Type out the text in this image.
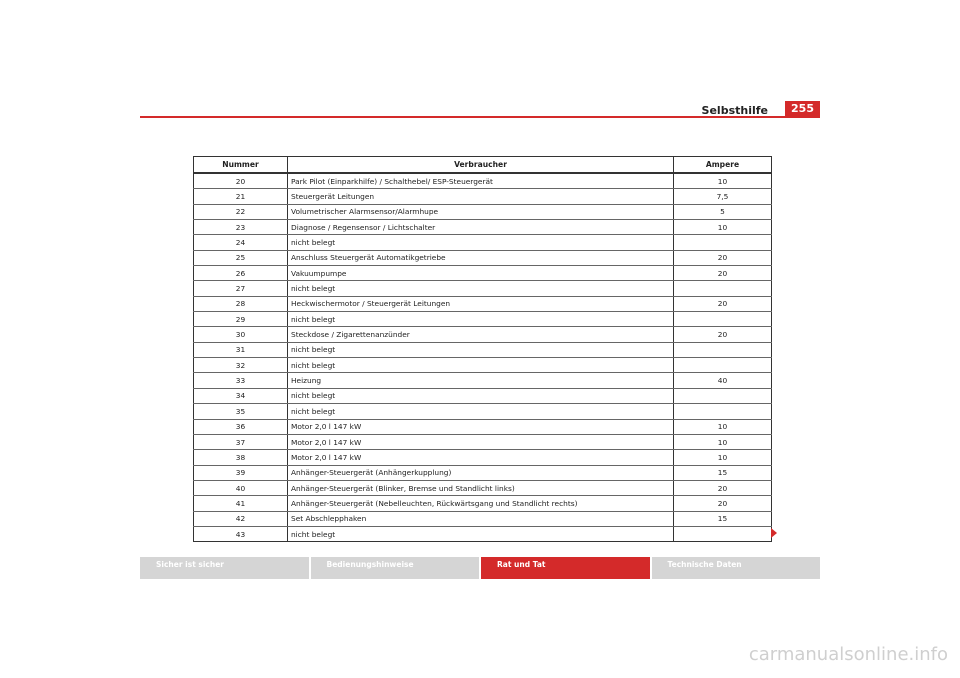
Selbsthilfe	255
Nummer	Verbraucher	Ampere
20	Park Pilot (Einparkhilfe) / Schalthebel/ ESP-Steuergerät	10
21	Steuergerät Leitungen	7,5
22	Volumetrischer Alarmsensor/Alarmhupe	5
23	Diagnose / Regensensor / Lichtschalter	10
24	nicht belegt	
25	Anschluss Steuergerät Automatikgetriebe	20
26	Vakuumpumpe	20
27	nicht belegt	
28	Heckwischermotor / Steuergerät Leitungen	20
29	nicht belegt	
30	Steckdose / Zigarettenanzünder	20
31	nicht belegt	
32	nicht belegt	
33	Heizung	40
34	nicht belegt	
35	nicht belegt	
36	Motor 2,0 l 147 kW	10
37	Motor 2,0 l 147 kW	10
38	Motor 2,0 l 147 kW	10
39	Anhänger-Steuergerät (Anhängerkupplung)	15
40	Anhänger-Steuergerät (Blinker, Bremse und Standlicht links)	20
41	Anhänger-Steuergerät (Nebelleuchten, Rückwärtsgang und Standlicht rechts)	20
42	Set Abschlepphaken	15
43	nicht belegt	
Sicher ist sicher	Bedienungshinweise	Rat und Tat	Technische Daten
carmanualsonline.info
